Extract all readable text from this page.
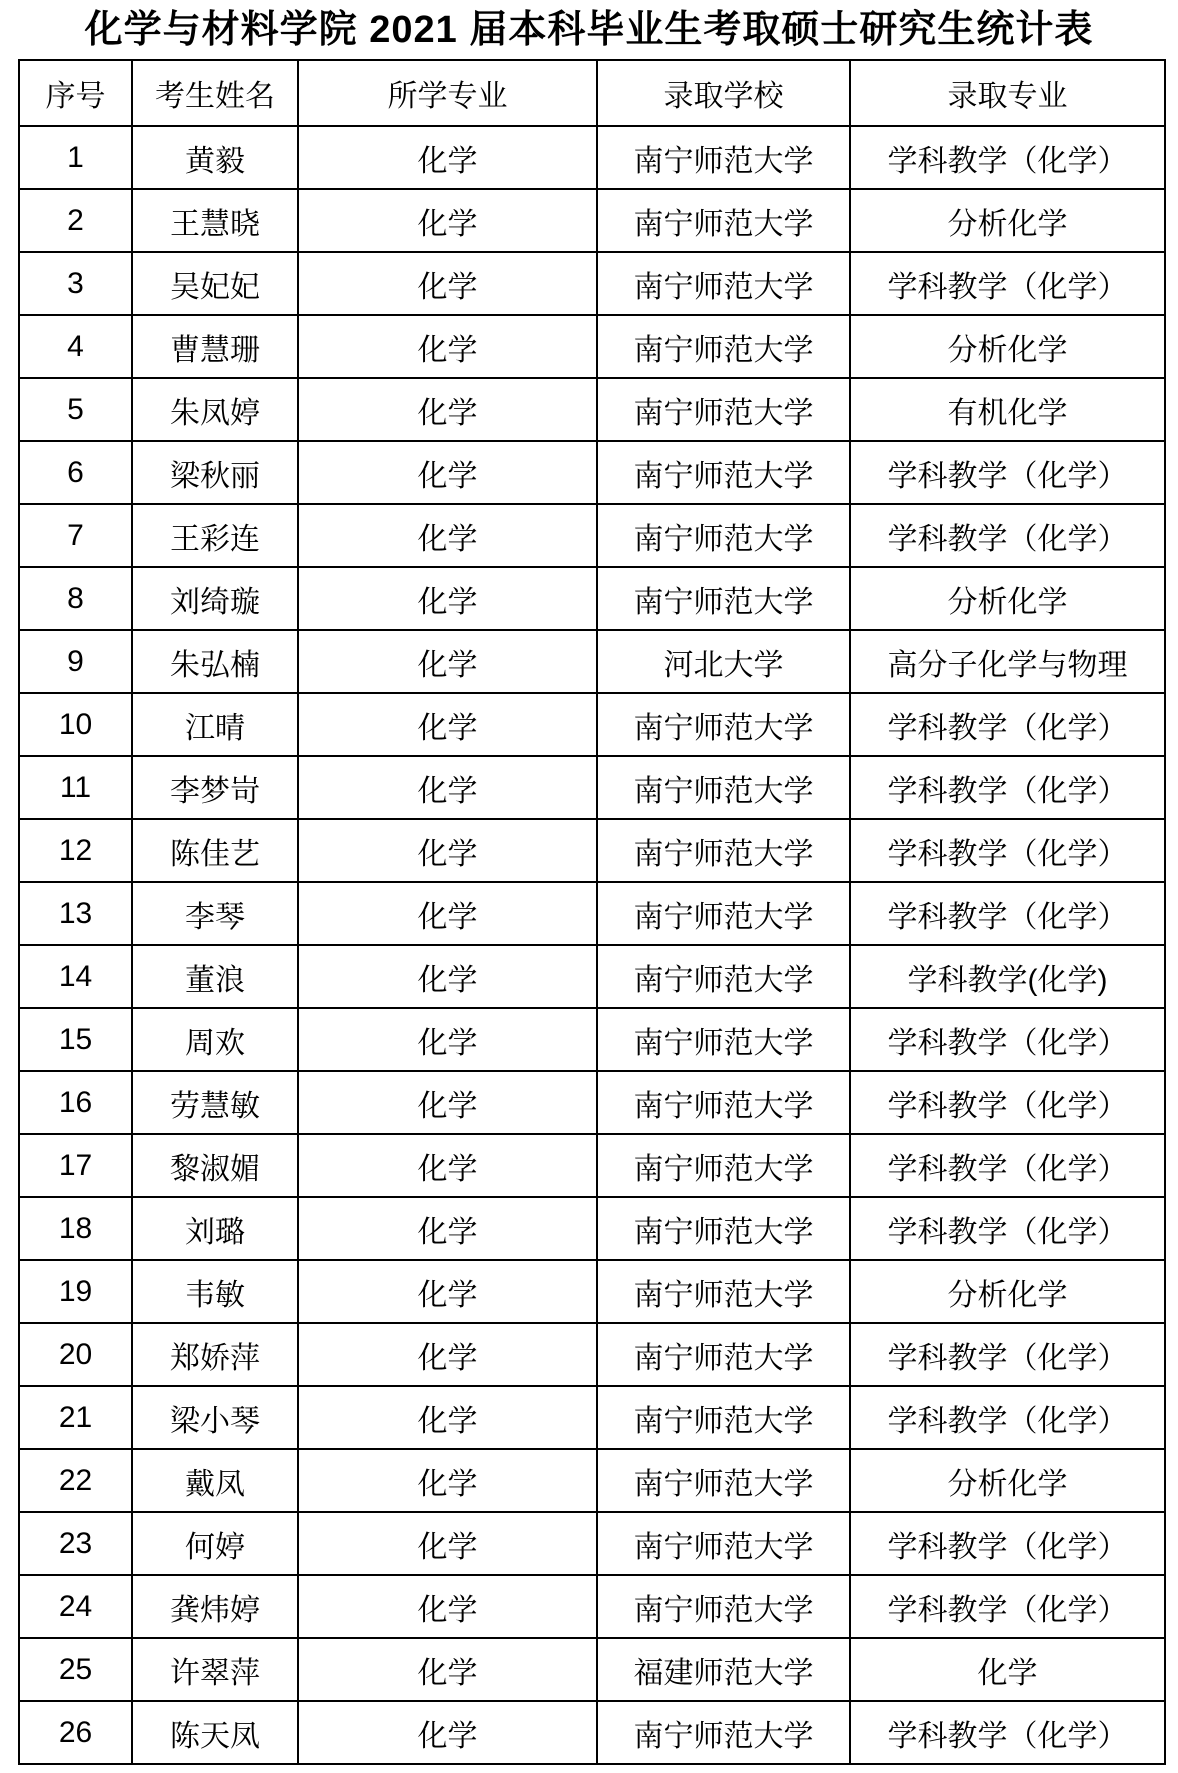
化学与材料学院 2021 届本科毕业生考取硕士研究生统计表
序号	考生姓名	所学专业	录取学校	录取专业
1	黄毅	化学	南宁师范大学	学科教学（化学）
2	王慧晓	化学	南宁师范大学	分析化学
3	吴妃妃	化学	南宁师范大学	学科教学（化学）
4	曹慧珊	化学	南宁师范大学	分析化学
5	朱凤婷	化学	南宁师范大学	有机化学
6	梁秋丽	化学	南宁师范大学	学科教学（化学）
7	王彩连	化学	南宁师范大学	学科教学（化学）
8	刘绮璇	化学	南宁师范大学	分析化学
9	朱弘楠	化学	河北大学	高分子化学与物理
10	江晴	化学	南宁师范大学	学科教学（化学）
11	李梦岢	化学	南宁师范大学	学科教学（化学）
12	陈佳艺	化学	南宁师范大学	学科教学（化学）
13	李琴	化学	南宁师范大学	学科教学（化学）
14	董浪	化学	南宁师范大学	学科教学(化学)
15	周欢	化学	南宁师范大学	学科教学（化学）
16	劳慧敏	化学	南宁师范大学	学科教学（化学）
17	黎淑媚	化学	南宁师范大学	学科教学（化学）
18	刘璐	化学	南宁师范大学	学科教学（化学）
19	韦敏	化学	南宁师范大学	分析化学
20	郑娇萍	化学	南宁师范大学	学科教学（化学）
21	梁小琴	化学	南宁师范大学	学科教学（化学）
22	戴凤	化学	南宁师范大学	分析化学
23	何婷	化学	南宁师范大学	学科教学（化学）
24	龚炜婷	化学	南宁师范大学	学科教学（化学）
25	许翠萍	化学	福建师范大学	化学
26	陈天凤	化学	南宁师范大学	学科教学（化学）
